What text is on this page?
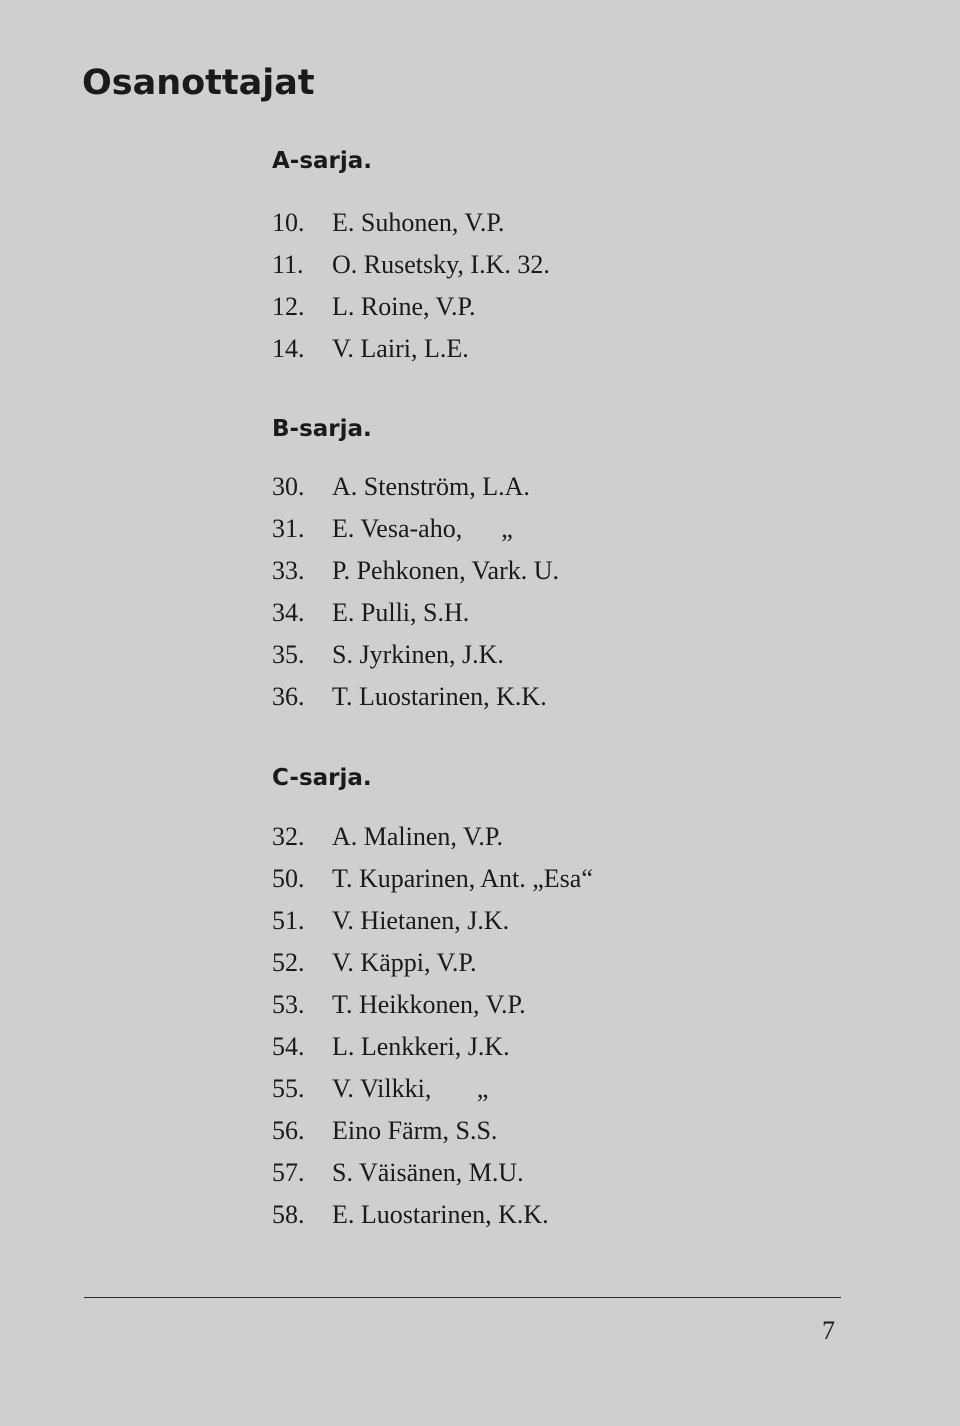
Osanottajat
A-sarja.
10. E. Suhonen, V.P.
11. O. Rusetsky, I.K. 32.
12. L. Roine, V.P.
14. V. Lairi, L.E.
B-sarja.
30. A. Stenström, L.A.
31. E. Vesa-aho,      „
33. P. Pehkonen, Vark. U.
34. E. Pulli, S.H.
35. S. Jyrkinen, J.K.
36. T. Luostarinen, K.K.
C-sarja.
32. A. Malinen, V.P.
50. T. Kuparinen, Ant. „Esa“
51. V. Hietanen, J.K.
52. V. Käppi, V.P.
53. T. Heikkonen, V.P.
54. L. Lenkkeri, J.K.
55. V. Vilkki,       „
56. Eino Färm, S.S.
57. S. Väisänen, M.U.
58. E. Luostarinen, K.K.
7
